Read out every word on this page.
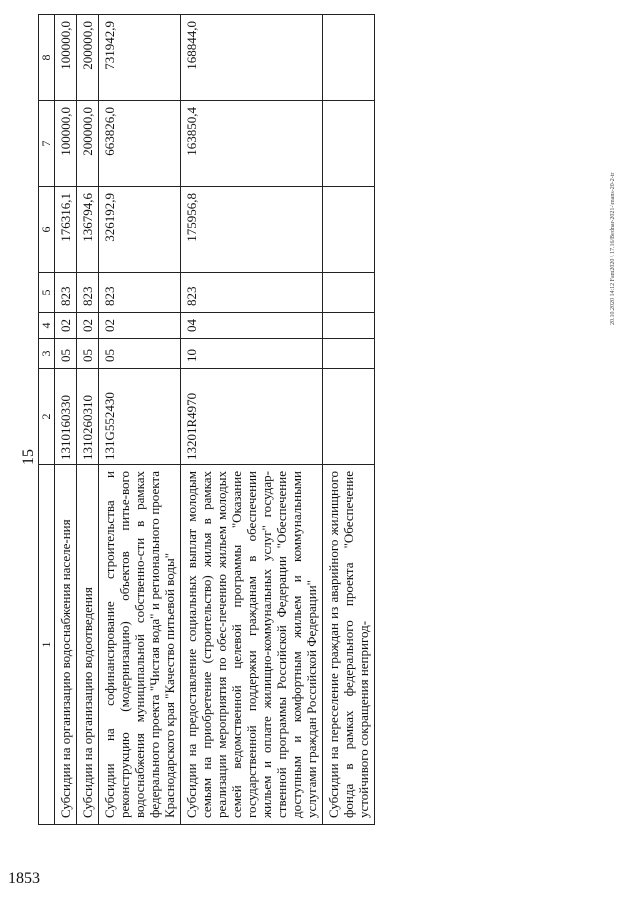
1853
15
1	2	3	4	5	6	7	8
Субсидии на организацию водоснабжения населе-ния	1310160330	05	02	823	176316,1	100000,0	100000,0
Субсидии на организацию водоотведения	1310260310	05	02	823	136794,6	200000,0	200000,0
Субсидии на софинансирование строительства и реконструкцию (модернизацию) объектов питье-вого водоснабжения муниципальной собственно-сти в рамках федерального проекта "Чистая вода" и регионального проекта Краснодарского края "Качество питьевой воды"	131G552430	05	02	823	326192,9	663826,0	731942,9
Субсидии на предоставление социальных выплат молодым семьям на приобретение (строительство) жилья в рамках реализации мероприятия по обес-печению жильем молодых семей ведомственной целевой программы "Оказание государственной поддержки гражданам в обеспечении жильем и оплате жилищно-коммунальных услуг" государ-ственной программы Российской Федерации "Обеспечение доступным и комфортным жильем и коммунальными услугами граждан Российской Федерации"	13201R4970	10	04	823	175956,8	163850,4	168844,0
Субсидии на переселение граждан из аварийного жилищного фонда в рамках федерального проекта "Обеспечение устойчивого сокращения непригод-							
20.10.2020 14:12 Fam2020 \ 17.16/Bednar-2021-\mans-20-2-tr
